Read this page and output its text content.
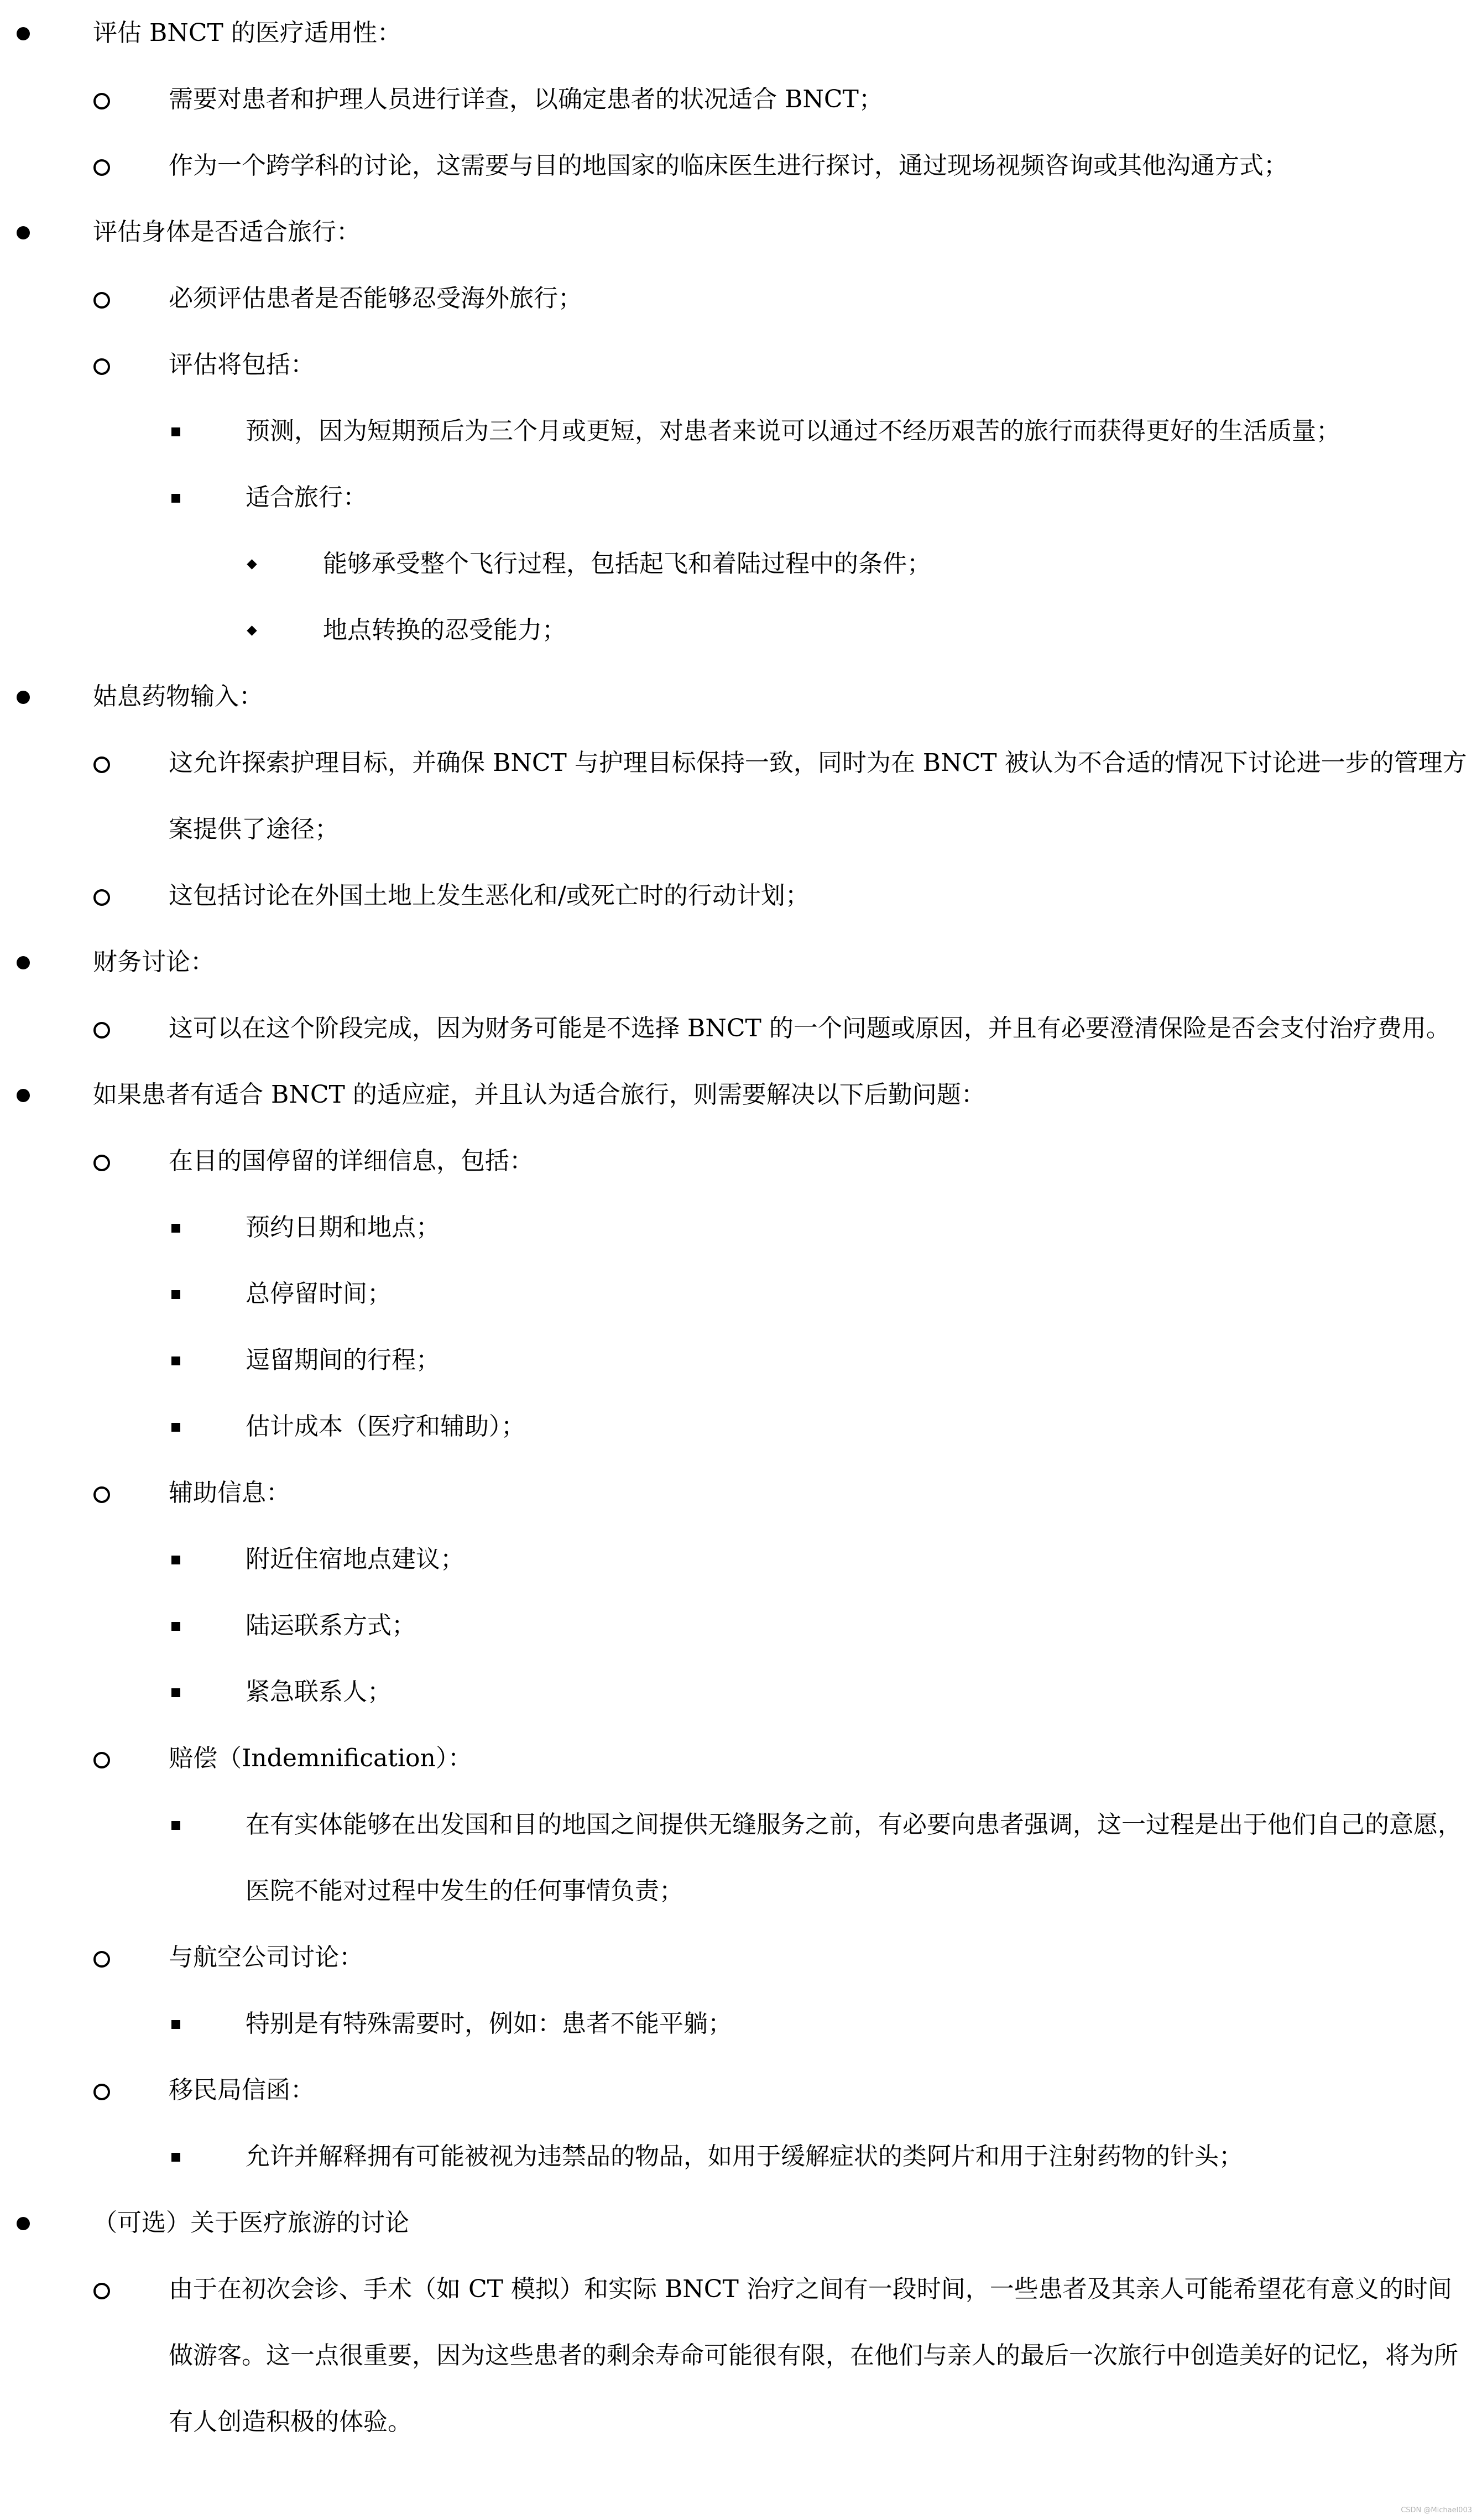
评估 BNCT 的医疗适用性：
需要对患者和护理人员进行详查，以确定患者的状况适合 BNCT；
作为一个跨学科的讨论，这需要与目的地国家的临床医生进行探讨，通过现场视频咨询或其他沟通方式；
评估身体是否适合旅行：
必须评估患者是否能够忍受海外旅行；
评估将包括：
预测，因为短期预后为三个月或更短，对患者来说可以通过不经历艰苦的旅行而获得更好的生活质量；
适合旅行：
能够承受整个飞行过程，包括起飞和着陆过程中的条件；
地点转换的忍受能力；
姑息药物输入：
这允许探索护理目标，并确保 BNCT 与护理目标保持一致，同时为在 BNCT 被认为不合适的情况下讨论进一步的管理方案提供了途径；
这包括讨论在外国土地上发生恶化和/或死亡时的行动计划；
财务讨论：
这可以在这个阶段完成，因为财务可能是不选择 BNCT 的一个问题或原因，并且有必要澄清保险是否会支付治疗费用。
如果患者有适合 BNCT 的适应症，并且认为适合旅行，则需要解决以下后勤问题：
在目的国停留的详细信息，包括：
预约日期和地点；
总停留时间；
逗留期间的行程；
估计成本（医疗和辅助）；
辅助信息：
附近住宿地点建议；
陆运联系方式；
紧急联系人；
赔偿（Indemnification）：
在有实体能够在出发国和目的地国之间提供无缝服务之前，有必要向患者强调，这一过程是出于他们自己的意愿，医院不能对过程中发生的任何事情负责；
与航空公司讨论：
特别是有特殊需要时，例如：患者不能平躺；
移民局信函：
允许并解释拥有可能被视为违禁品的物品，如用于缓解症状的类阿片和用于注射药物的针头；
（可选）关于医疗旅游的讨论
由于在初次会诊、手术（如 CT 模拟）和实际 BNCT 治疗之间有一段时间，一些患者及其亲人可能希望花有意义的时间做游客。这一点很重要，因为这些患者的剩余寿命可能很有限，在他们与亲人的最后一次旅行中创造美好的记忆，将为所有人创造积极的体验。
CSDN @Michael003
